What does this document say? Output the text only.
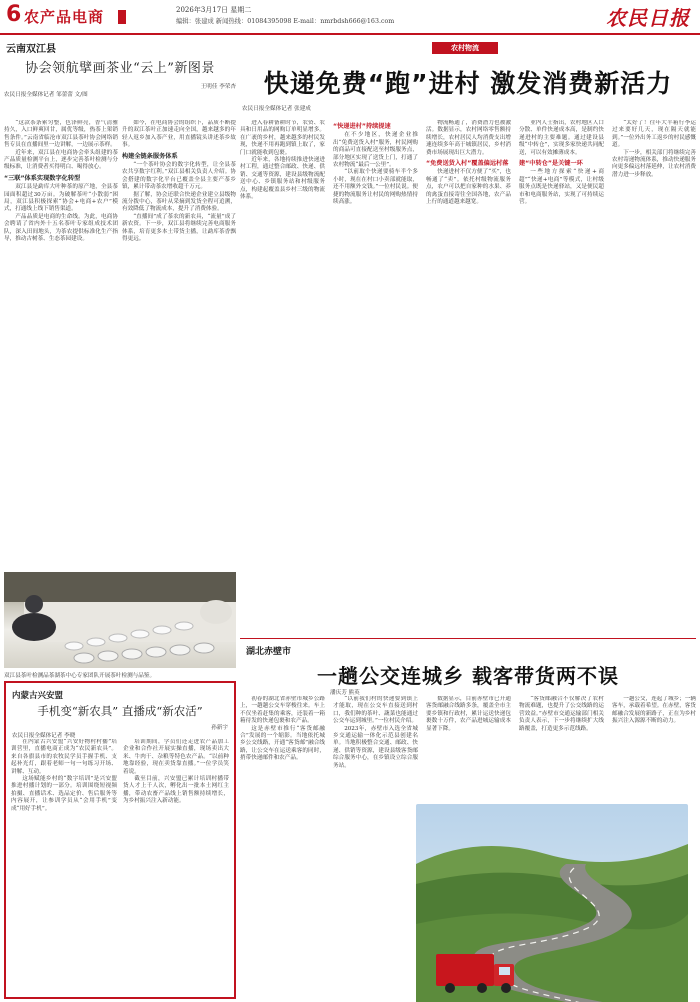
6 农产品电商	2026年3月17日 星期二
编辑：张建成 新闻热线：01084395098 E-mail：nmrbdsh666@163.com	农民日报
云南双江县
协会领航擘画茶业“云上”新图景
王明佳 李荣杏
农民日报全媒体记者 邹蕾蕾 文/图

“这款茶条索匀整，色泽鲜亮，香气清雅持久，入口鲜爽回甘，属优等级，热茶上架销售条件。”云南省临沧市双江县茶叶协会网络销售专员在直播间里一边讲解，一边展示茶样。

近年来，双江县在电商协会牵头组建的茶产品质量检测平台上，逐步完善茶叶检测与分级标准，让消费者买得明白、喝得放心。

“三联”体系实现数字化转型

双江县是勐库大叶种茶的原产地，全县茶园面积超过30万亩。为破解茶叶“小散弱”困局，双江县积极探索“协会+电商+农户”模式，打通线上线下销售渠道。

产品品质是电商的生命线。为此，电商协会聘请了省内外十五名茶叶专家组成技术团队，深入田间地头，为茶农提供标准化生产指导，推动古树茶、生态茶园建设。

如今，在电商协会的组织下，品质不断提升的双江茶叶正加速走向全国，越来越多的年轻人返乡加入茶产业，用直播镜头讲述茶乡故事。

构建全链条服务体系

“一个茶叶协会的数字化转型，让全县茶农共享数字红利。”双江县相关负责人介绍。协会搭建的数字化平台已覆盖全县主要产茶乡镇，累计带动茶农增收超千万元。

据了解，协会还联合快递企业建立县级物流分拨中心，茶叶从采摘到发货全程可追溯，有效降低了物流成本，提升了消费体验。

“直播间”成了茶农的新农具，“流量”成了新农资。下一步，双江县将继续完善电商服务体系，培育更多本土带货主播，让勐库茶香飘得更远。

双江县茶叶检测品茶湖茶中心专家团队开展茶叶检测与品鉴。
内蒙古兴安盟
手机变“新农具” 直播成“新农活”
孙新宇
农民日报全媒体记者 李晓

在内蒙古兴安盟“兴安好物村村播”培训营里，直播电商正成为“农民新农具”。来自各旗县市的农牧民学员手握手机、支起补光灯，跟着老师一句一句练习开场、讲解、互动。

这场赋能乡村的“数字培训”是兴安盟推进村播计划的一部分。培训围绕短视频拍摄、直播话术、选品定价、售后服务等内容展开，让参训学员从“会用手机”变成“用好手机”。

培训期间，学员们还走进农产品加工企业和合作社开展实操直播，现场卖出大米、牛肉干、杂粮等特色农产品。“以前种地靠经验，现在卖货靠直播。”一位学员笑着说。

截至目前，兴安盟已累计培训村播带货人才上千人次，孵化出一批本土网红主播，带动农畜产品线上销售额持续增长，为乡村振兴注入新动能。

农村物流
快递免费“跑”进村 激发消费新活力
农民日报全媒体记者 张建成

进入春耕备耕时节，农资、农具和日用品的网购订单明显增多。在广袤的乡村，越来越多的村民发现，快递不用再跑到镇上取了，家门口就能收到包裹。

近年来，各地持续推进快递进村工程，通过整合邮政、快递、供销、交通等资源，建设县级物流配送中心、乡镇服务站和村级服务点，构建起覆盖县乡村三级的物流体系。

“快递进村”持续提速

在不少地区，快递企业推出“免费送货入村”服务，村民网购的商品可直接配送至村级服务点，部分地区实现了送货上门，打通了农村物流“最后一公里”。

“以前取个快递要骑车半个多小时，现在在村口小卖部就能取，还不用额外交钱。”一位村民说。便捷的物流服务让村民的网购热情持续高涨。

物流畅通了，消费潜力也被激活。数据显示，农村网络零售额持续增长，农村居民人均消费支出增速连续多年高于城镇居民，乡村消费市场展现出巨大潜力。

“免费送货入村”覆盖偏远村落

快递进村不仅方便了“买”，也畅通了“卖”。依托村级物流服务点，农户可以把自家种的水果、养的禽蛋直接寄往全国各地，农产品上行的通道越来越宽。

业内人士指出，农村地区人口分散、单件快递成本高，是制约快递进村的主要难题。通过建设县级“中转仓”，实现多家快递共同配送，可以有效摊薄成本。

建“中转仓”是关键一环

一些地方探索“快递+商超”“快递+电商”等模式，让村级服务点既是快递驿站，又是便民超市和电商服务站，实现了可持续运营。

“太好了！往年大半箱行李运过来要好几天，现在隔天就能到。”一位外出务工返乡的村民感慨道。

下一步，相关部门将继续完善农村寄递物流体系，推动快递服务向更多偏远村落延伸，让农村消费潜力进一步释放。

湖北赤壁市
一趟公交连城乡 载客带货两不误
潘庆芳 熊英

初春的湖北省赤壁市城乡公路上，一趟趟公交车穿梭往来。车上不仅坐着赶集的乘客，还装着一箱箱待发的快递包裹和农产品。

这是赤壁市推行“客货邮融合”发展的一个缩影。当地依托城乡公交线路，开通“客货邮”融合线路，让公交车在运送乘客的同时，捎带快递邮件和农产品。

“以前我们村的快递要到镇上才能取，现在公交车直接送到村口，我们种的茶叶、蔬菜也能通过公交车运到城里。”一位村民介绍。

2023年，赤壁市入选全省城乡交通运输一体化示范县创建名单。当地积极整合交通、邮政、快递、供销等资源，建设县级客货邮综合服务中心，在乡镇设立综合服务站。

数据显示，目前赤壁市已开通客货邮融合线路多条，覆盖全市主要乡镇和行政村，累计运送快递包裹数十万件，农产品进城运输成本显著下降。

“客货邮融合不仅解决了农村物流难题，也提升了公交线路的运营效益。”赤壁市交通运输部门相关负责人表示，下一步将继续扩大线路覆盖，打造更多示范线路。

一趟公交，连起了城乡；一辆客车，承载着希望。在赤壁，客货邮融合发展的新路子，正在为乡村振兴注入源源不断的动力。
